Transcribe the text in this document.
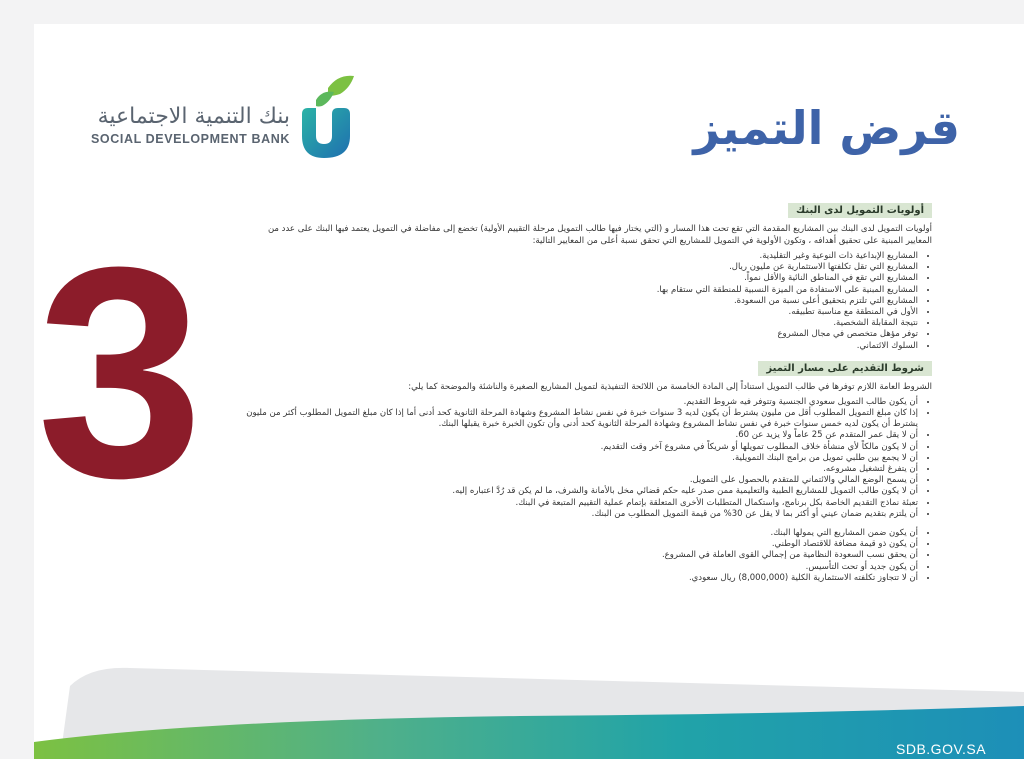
بنك التنمية الاجتماعية
SOCIAL DEVELOPMENT BANK	قرض التميز
3	أولويات التمويل لدى البنك

أولويات التمويل لدى البنك بين المشاريع المقدمة التي تقع تحت هذا المسار و (التي يختار فيها طالب التمويل مرحلة التقييم الأولية) تخضع إلى مفاضلة في التمويل يعتمد فيها البنك على عدد من المعايير المبنية على تحقيق أهدافه ، وتكون الأولوية في التمويل للمشاريع التي تحقق نسبة أعلى من المعايير التالية:

• المشاريع الإبداعية ذات النوعية وغير التقليدية.
• المشاريع التي تقل تكلفتها الاستثمارية عن مليون ريال.
• المشاريع التي تقع في المناطق النائية والأقل نمواً.
• المشاريع المبنية على الاستفادة من الميزة النسبية للمنطقة التي ستقام بها.
• المشاريع التي تلتزم بتحقيق أعلى نسبة من السعودة.
• الأول في المنطقة مع مناسبة تطبيقه.
• نتيجة المقابلة الشخصية.
• توفر مؤهل متخصص في مجال المشروع
• السلوك الائتماني.
شروط التقديم على مسار التميز

الشروط العامة اللازم توفرها في طالب التمويل استناداً إلى المادة الخامسة من اللائحة التنفيذية لتمويل المشاريع الصغيرة والناشئة والموضحة كما يلي:

• أن يكون طالب التمويل سعودي الجنسية وتتوفر فيه شروط التقديم.
• إذا كان مبلغ التمويل المطلوب أقل من مليون يشترط أن يكون لديه 3 سنوات خبرة في نفس نشاط المشروع وشهادة المرحلة الثانوية كحد أدنى أما إذا كان مبلغ التمويل المطلوب أكثر من مليون يشترط أن يكون لديه خمس سنوات خبرة في نفس نشاط المشروع وشهادة المرحلة الثانوية كحد أدنى وأن تكون الخبرة خبرة يقبلها البنك.
• أن لا يقل عمر المتقدم عن 25 عاماً ولا يزيد عن 60.
• أن لا يكون مالكاً لأي منشأة خلاف المطلوب تمويلها أو شريكاً في مشروع آخر وقت التقديم.
• أن لا يجمع بين طلبي تمويل من برامج البنك التمويلية.
• أن يتفرغ لتشغيل مشروعه.
• أن يسمح الوضع المالي والائتماني للمتقدم بالحصول على التمويل.
• أن لا يكون طالب التمويل للمشاريع الطبية والتعليمية ممن صدر عليه حكم قضائي مخل بالأمانة والشرف، ما لم يكن قد رُدَّ اعتباره إليه.
• تعبئة نماذج التقديم الخاصة بكل برنامج، واستكمال المتطلبات الأخرى المتعلقة بإتمام عملية التقييم المتبعة في البنك.
• أن يلتزم بتقديم ضمان عيني أو أكثر بما لا يقل عن 30% من قيمة التمويل المطلوب من البنك.
• أن يكون ضمن المشاريع التي يمولها البنك.
• أن يكون ذو قيمة مضافة للاقتصاد الوطني.
• أن يحقق نسب السعودة النظامية من إجمالي القوى العاملة في المشروع.
• أن يكون جديد أو تحت التأسيس.
• أن لا تتجاوز تكلفته الاستثمارية الكلية (8,000,000) ريال سعودي.
SDB.GOV.SA
